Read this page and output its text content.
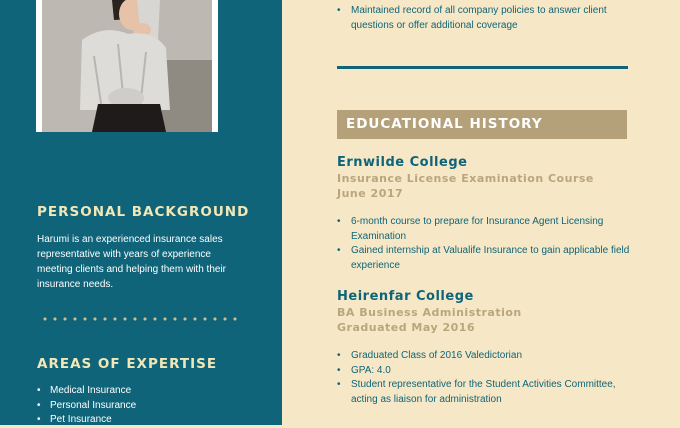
PERSONAL BACKGROUND
Harumi is an experienced insurance sales representative with years of experience meeting clients and helping them with their insurance needs.
AREAS OF EXPERTISE
• Medical Insurance
• Personal Insurance
• Pet Insurance
• Maintained record of all company policies to answer client questions or offer additional coverage
EDUCATIONAL HISTORY
Ernwilde College
Insurance License Examination Course
June 2017
• 6-month course to prepare for Insurance Agent Licensing Examination
• Gained internship at Valualife Insurance to gain applicable field experience
Heirenfar College
BA Business Administration
Graduated May 2016
• Graduated Class of 2016 Valedictorian
• GPA: 4.0
• Student representative for the Student Activities Committee, acting as liaison for administration
